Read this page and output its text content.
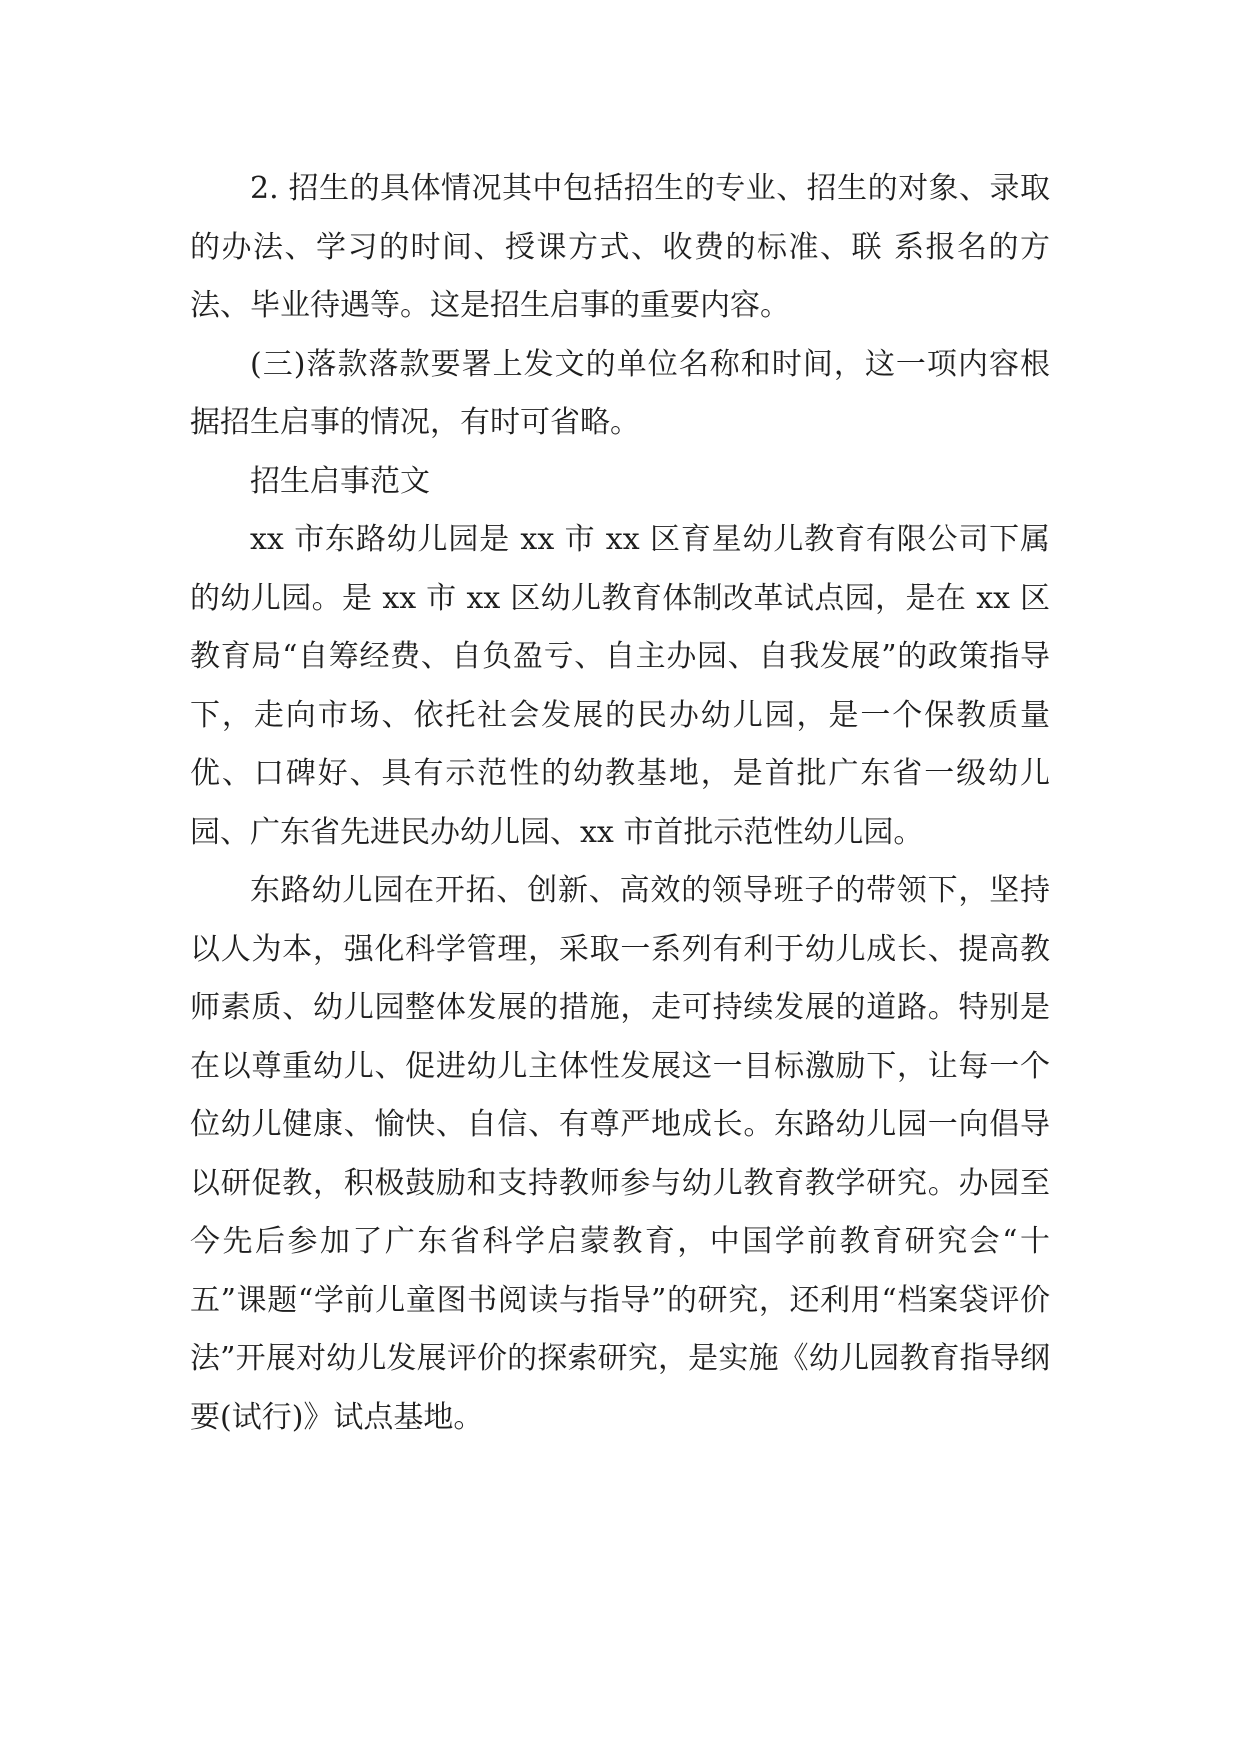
2. 招生的具体情况其中包括招生的专业、招生的对象、录取的办法、学习的时间、授课方式、收费的标准、联 系报名的方法、毕业待遇等。这是招生启事的重要内容。

(三)落款落款要署上发文的单位名称和时间，这一项内容根据招生启事的情况，有时可省略。

招生启事范文

xx 市东路幼儿园是 xx 市 xx 区育星幼儿教育有限公司下属的幼儿园。是 xx 市 xx 区幼儿教育体制改革试点园，是在 xx 区教育局“自筹经费、自负盈亏、自主办园、自我发展”的政策指导下，走向市场、依托社会发展的民办幼儿园，是一个保教质量优、口碑好、具有示范性的幼教基地，是首批广东省一级幼儿园、广东省先进民办幼儿园、xx 市首批示范性幼儿园。

东路幼儿园在开拓、创新、高效的领导班子的带领下，坚持以人为本，强化科学管理，采取一系列有利于幼儿成长、提高教师素质、幼儿园整体发展的措施，走可持续发展的道路。特别是在以尊重幼儿、促进幼儿主体性发展这一目标激励下，让每一个位幼儿健康、愉快、自信、有尊严地成长。东路幼儿园一向倡导以研促教，积极鼓励和支持教师参与幼儿教育教学研究。办园至今先后参加了广东省科学启蒙教育，中国学前教育研究会“十五”课题“学前儿童图书阅读与指导”的研究，还利用“档案袋评价法”开展对幼儿发展评价的探索研究，是实施《幼儿园教育指导纲要(试行)》试点基地。
